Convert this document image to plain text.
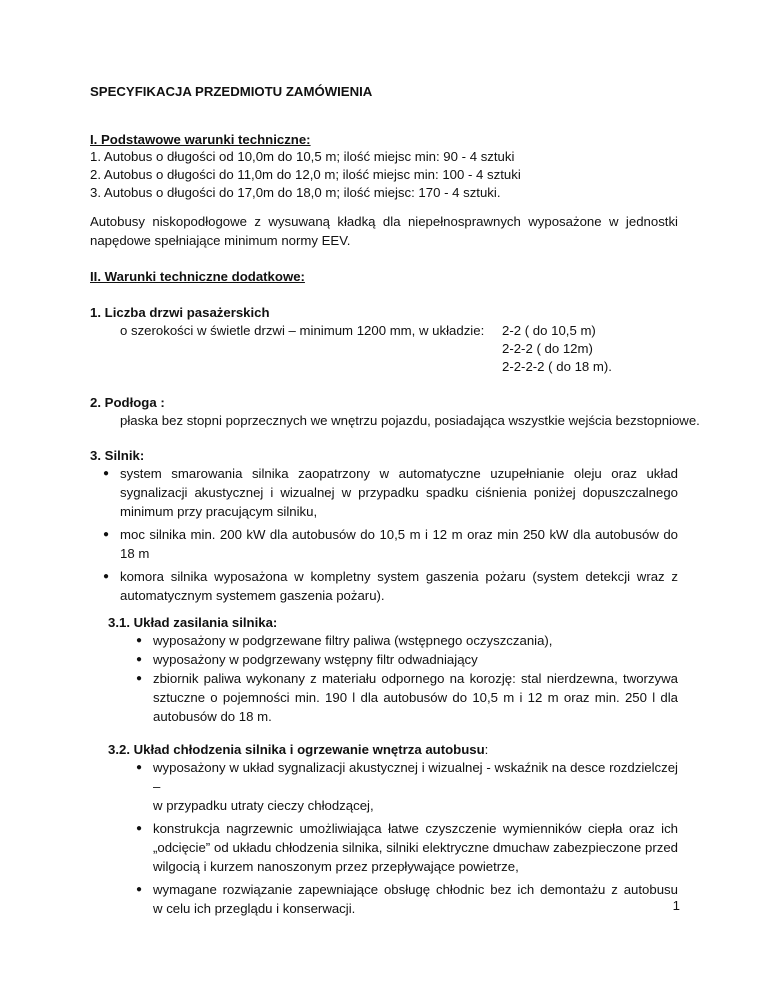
SPECYFIKACJA PRZEDMIOTU ZAMÓWIENIA
I. Podstawowe warunki techniczne:
1. Autobus o długości od 10,0m do 10,5 m; ilość miejsc min: 90 - 4 sztuki
2. Autobus o długości do 11,0m do 12,0 m; ilość miejsc min: 100 - 4 sztuki
3. Autobus o długości do 17,0m do 18,0 m; ilość miejsc: 170 - 4 sztuki.
Autobusy niskopodłogowe z wysuwaną kładką dla niepełnosprawnych wyposażone w jednostki
napędowe spełniające minimum normy EEV.
II. Warunki techniczne dodatkowe:
1. Liczba drzwi pasażerskich
o szerokości w świetle drzwi – minimum 1200 mm, w układzie: 2-2 ( do 10,5 m)
2-2-2 ( do 12m)
2-2-2-2 ( do 18 m).
2. Podłoga :
płaska bez stopni poprzecznych we wnętrzu pojazdu, posiadająca wszystkie wejścia bezstopniowe.
3. Silnik:
● system smarowania silnika zaopatrzony w automatyczne uzupełnianie oleju oraz układ
sygnalizacji akustycznej i wizualnej w przypadku spadku ciśnienia poniżej dopuszczalnego
minimum przy pracującym silniku,
● moc silnika min. 200 kW dla autobusów do 10,5 m i 12 m oraz min 250 kW dla autobusów do
18 m
● komora silnika wyposażona w kompletny system gaszenia pożaru (system detekcji wraz z
automatycznym systemem gaszenia pożaru).
3.1. Układ zasilania silnika:
● wyposażony w podgrzewane filtry paliwa (wstępnego oczyszczania),
● wyposażony w podgrzewany wstępny filtr odwadniający
● zbiornik paliwa wykonany z materiału odpornego na korozję: stal nierdzewna, tworzywa
sztuczne o pojemności min. 190 l dla autobusów do 10,5 m i 12 m oraz min. 250 l dla
autobusów do 18 m.
3.2. Układ chłodzenia silnika i ogrzewanie wnętrza autobusu:
● wyposażony w układ sygnalizacji akustycznej i wizualnej - wskaźnik na desce rozdzielczej –
w przypadku utraty cieczy chłodzącej,
● konstrukcja nagrzewnic umożliwiająca łatwe czyszczenie wymienników ciepła oraz ich
„odcięcie” od układu chłodzenia silnika, silniki elektryczne dmuchaw zabezpieczone przed
wilgocią i kurzem nanoszonym przez przepływające powietrze,
● wymagane rozwiązanie zapewniające obsługę chłodnic bez ich demontażu z autobusu
w celu ich przeglądu i konserwacji.	1
